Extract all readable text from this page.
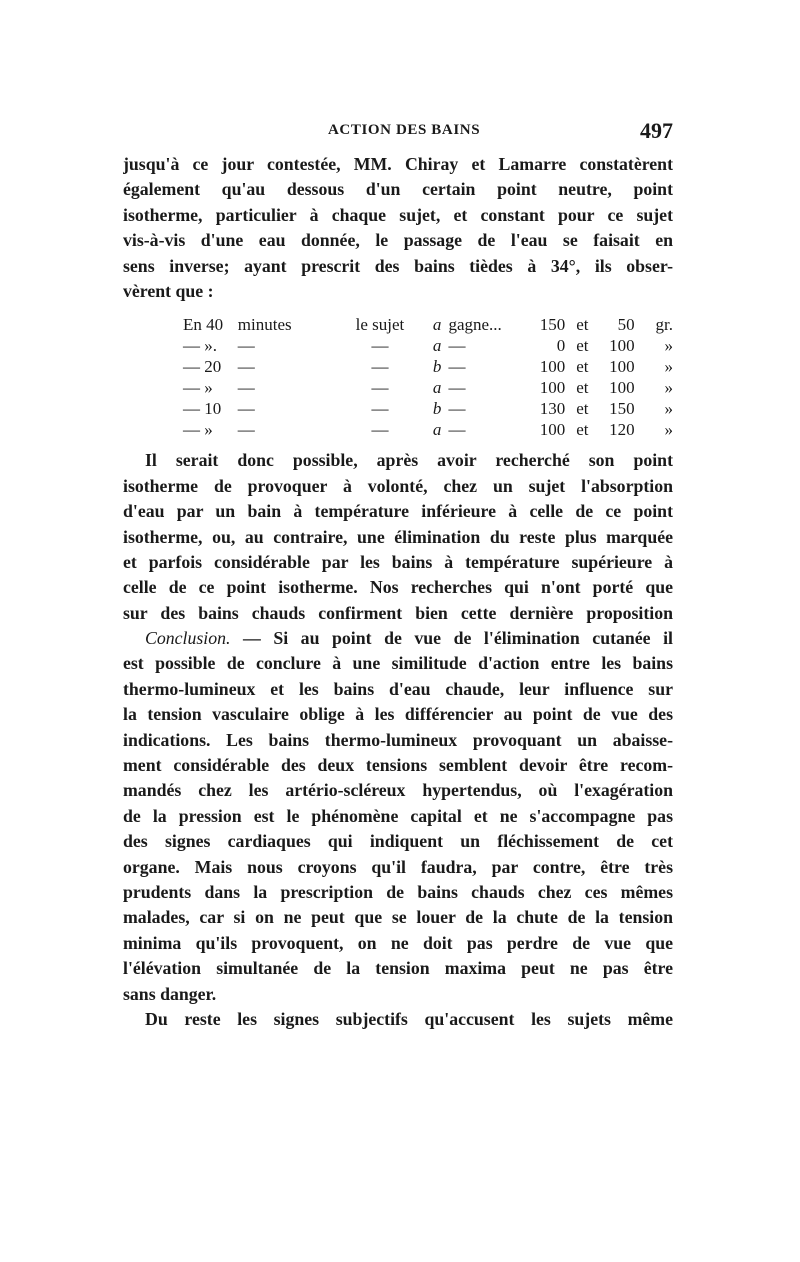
ACTION DES BAINS	497

jusqu'à ce jour contestée, MM. Chiray et Lamarre constatèrent
également qu'au dessous d'un certain point neutre, point
isotherme, particulier à chaque sujet, et constant pour ce sujet
vis-à-vis d'une eau donnée, le passage de l'eau se faisait en
sens inverse; ayant prescrit des bains tièdes à 34°, ils obser-
vèrent que :

En 40	minutes	le sujet	a	gagne...	150	et	50	gr.
— ».	—	—	a	—	0	et	100	»
— 20	—	—	b	—	100	et	100	»
— »	—	—	a	—	100	et	100	»
— 10	—	—	b	—	130	et	150	»
— »	—	—	a	—	100	et	120	»

Il serait donc possible, après avoir recherché son point
isotherme de provoquer à volonté, chez un sujet l'absorption
d'eau par un bain à température inférieure à celle de ce point
isotherme, ou, au contraire, une élimination du reste plus marquée
et parfois considérable par les bains à température supérieure à
celle de ce point isotherme. Nos recherches qui n'ont porté que
sur des bains chauds confirment bien cette dernière proposition

Conclusion. — Si au point de vue de l'élimination cutanée il
est possible de conclure à une similitude d'action entre les bains
thermo-lumineux et les bains d'eau chaude, leur influence sur
la tension vasculaire oblige à les différencier au point de vue des
indications. Les bains thermo-lumineux provoquant un abaisse-
ment considérable des deux tensions semblent devoir être recom-
mandés chez les artério-scléreux hypertendus, où l'exagération
de la pression est le phénomène capital et ne s'accompagne pas
des signes cardiaques qui indiquent un fléchissement de cet
organe. Mais nous croyons qu'il faudra, par contre, être très
prudents dans la prescription de bains chauds chez ces mêmes
malades, car si on ne peut que se louer de la chute de la tension
minima qu'ils provoquent, on ne doit pas perdre de vue que
l'élévation simultanée de la tension maxima peut ne pas être
sans danger.

Du reste les signes subjectifs qu'accusent les sujets même
